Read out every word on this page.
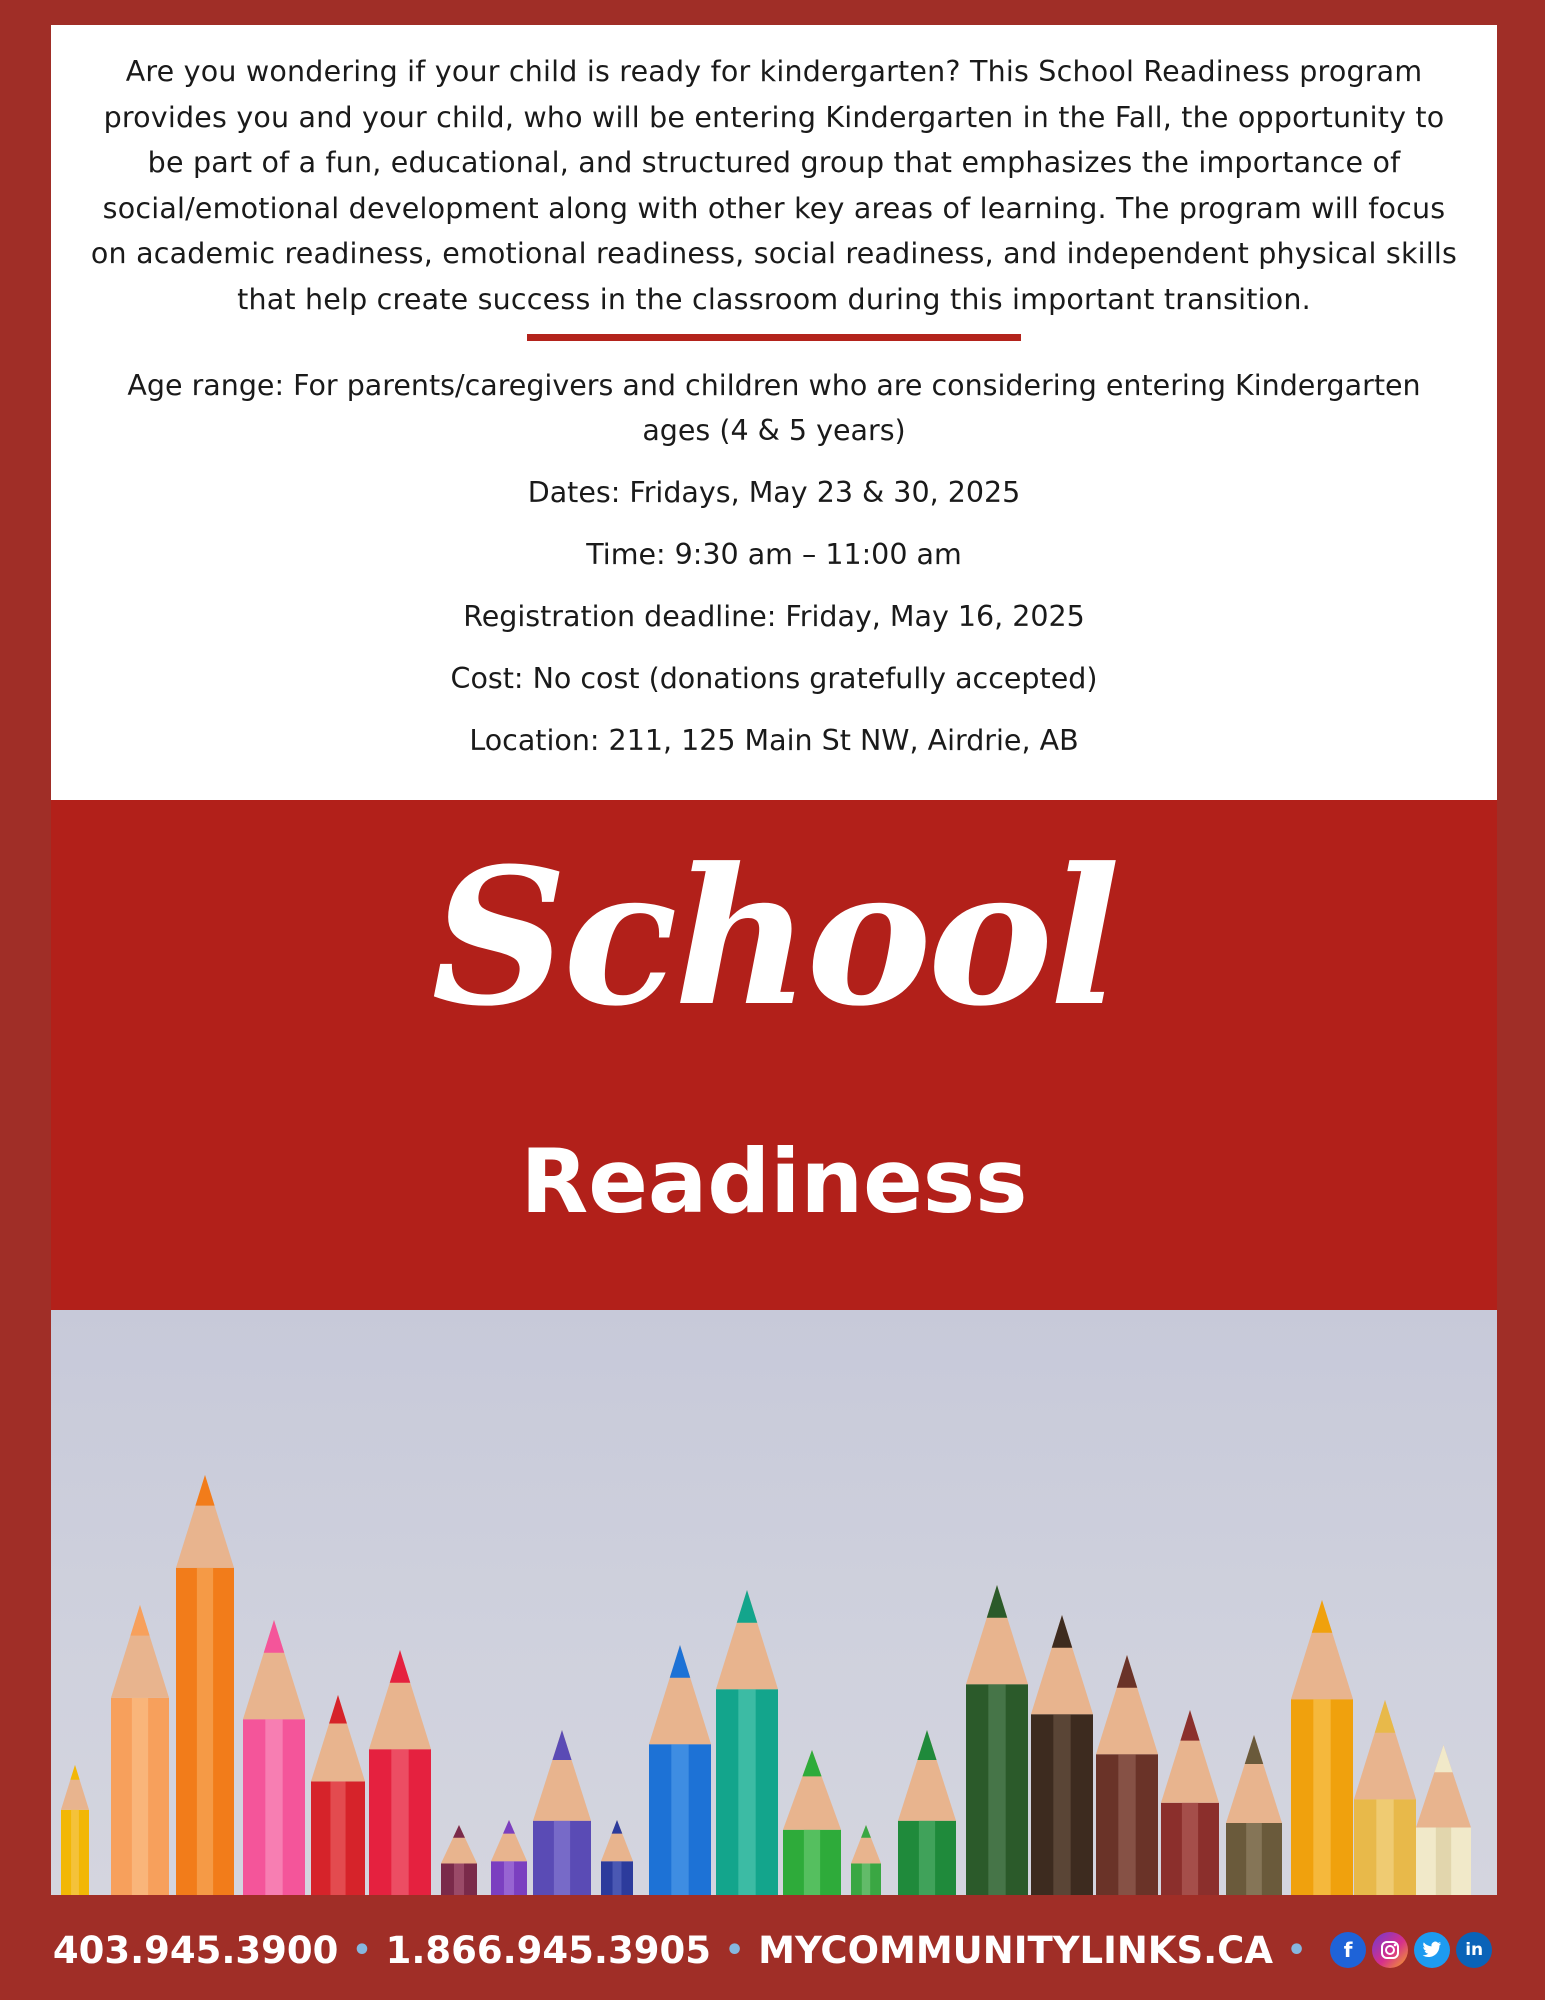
Are you wondering if your child is ready for kindergarten? This School Readiness program provides you and your child, who will be entering Kindergarten in the Fall, the opportunity to be part of a fun, educational, and structured group that emphasizes the importance of social/emotional development along with other key areas of learning. The program will focus on academic readiness, emotional readiness, social readiness, and independent physical skills that help create success in the classroom during this important transition.

Age range: For parents/caregivers and children who are considering entering Kindergarten ages (4 & 5 years)
Dates: Fridays, May 23 & 30, 2025
Time: 9:30 am – 11:00 am
Registration deadline: Friday, May 16, 2025
Cost: No cost (donations gratefully accepted)
Location: 211, 125 Main St NW, Airdrie, AB
School
Readiness
403.945.3900 • 1.866.945.3905 • MYCOMMUNITYLINKS.CA •	f	in
